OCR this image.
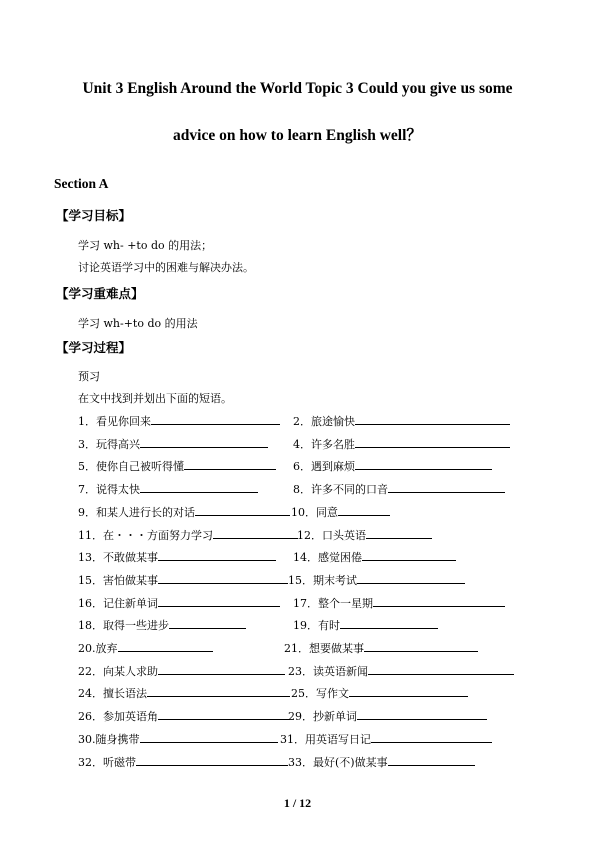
Unit 3 English Around the World Topic 3 Could you give us some
advice on how to learn English well？
Section A
【学习目标】
学习 wh- +to do 的用法；
讨论英语学习中的困难与解决办法。
【学习重难点】
学习 wh-+to do 的用法
【学习过程】
预习
在文中找到并划出下面的短语。
1．看见你回来	2．旅途愉快
3．玩得高兴	4．许多名胜
5．使你自己被听得懂	6．遇到麻烦
7．说得太快	8．许多不同的口音
9．和某人进行长的对话	10．同意
11．在・・・方面努力学习	12．口头英语
13．不敢做某事	14．感觉困倦
15．害怕做某事	15．期末考试
16．记住新单词	17．整个一星期
18．取得一些进步	19．有时
20.放弃	21．想要做某事
22．向某人求助	23．读英语新闻
24．擅长语法	25．写作文
26．参加英语角	29．抄新单词
30.随身携带	31．用英语写日记
32．听磁带	33．最好(不)做某事
1 / 12
